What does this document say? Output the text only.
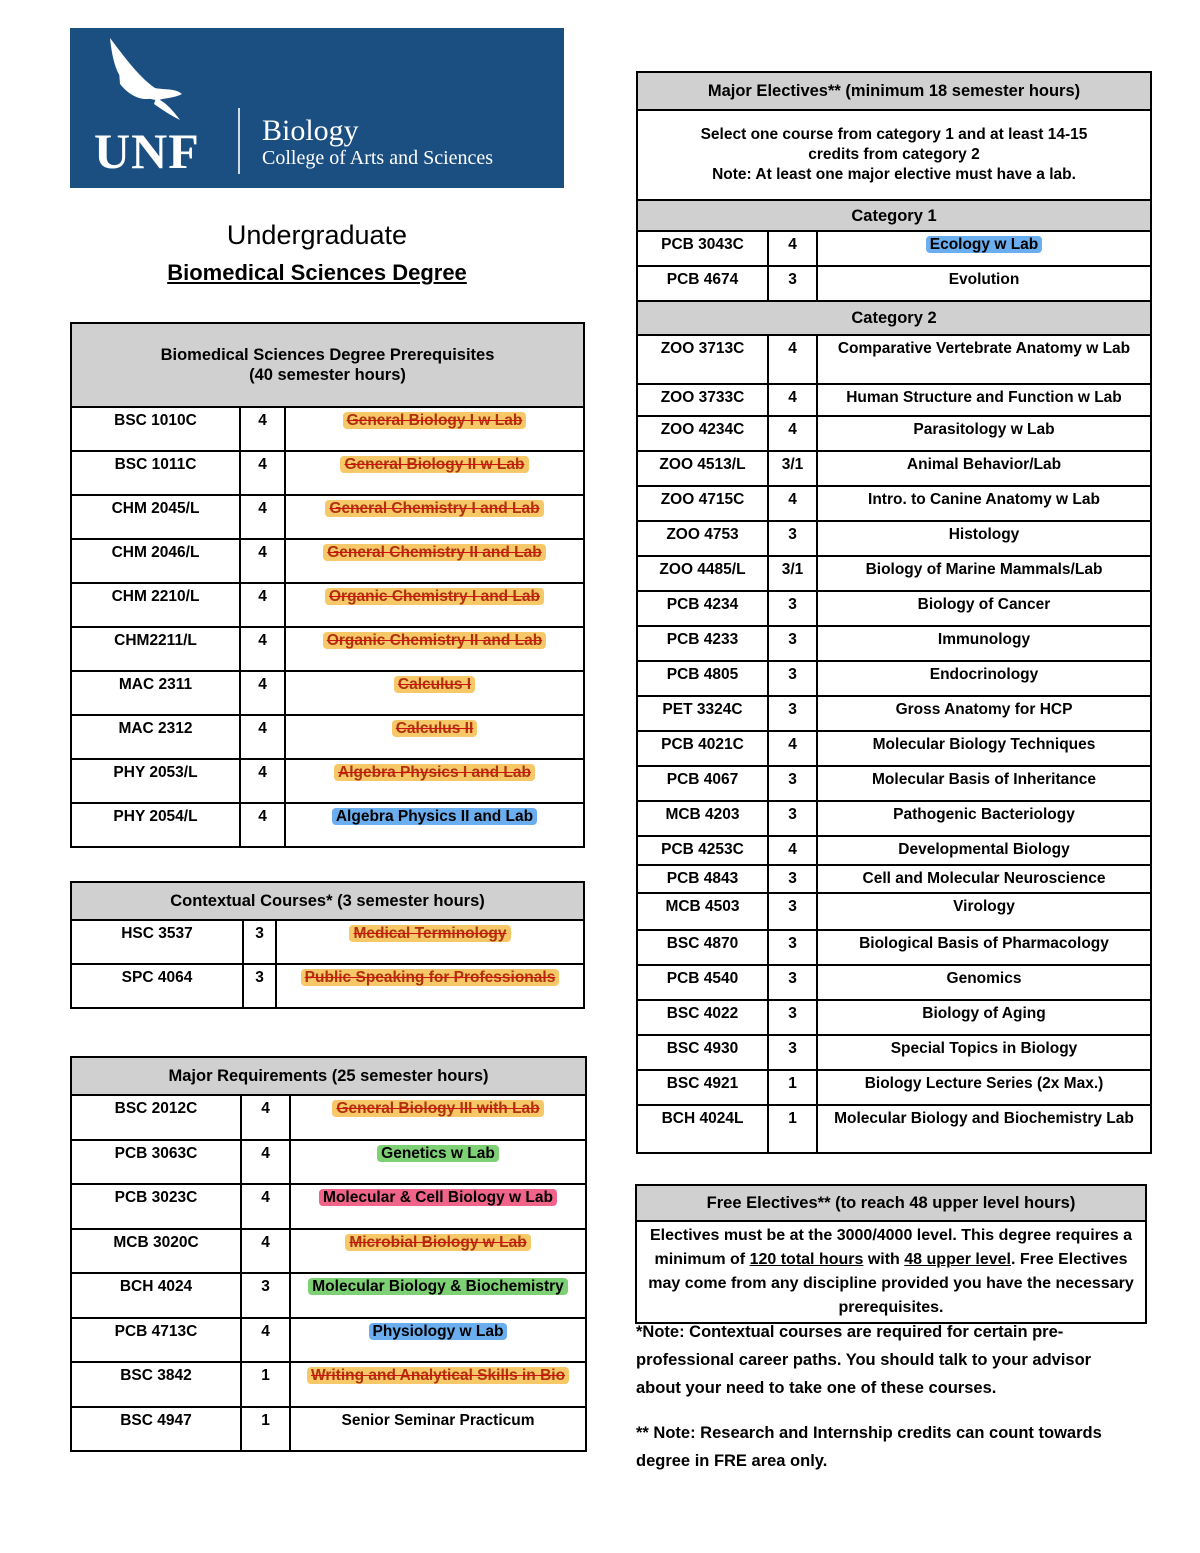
UNF Biology
College of Arts and Sciences
Undergraduate
Biomedical Sciences Degree
Biomedical Sciences Degree Prerequisites
(40 semester hours)		
BSC 1010C	4	General Biology I w Lab

BSC 1011C	4	General Biology II w Lab

CHM 2045/L	4	General Chemistry I and Lab

CHM 2046/L	4	General Chemistry II and Lab

CHM 2210/L	4	Organic Chemistry I and Lab

CHM2211/L	4	Organic Chemistry II and Lab

MAC 2311	4	Calculus I

MAC 2312	4	Calculus II

PHY 2053/L	4	Algebra Physics I and Lab

PHY 2054/L	4	Algebra Physics II and Lab
Contextual Courses* (3 semester hours)		
HSC 3537	3	Medical Terminology

SPC 4064	3	Public Speaking for Professionals
Major Requirements (25 semester hours)		
BSC 2012C	4	General Biology III with Lab

PCB 3063C	4	Genetics w Lab

PCB 3023C	4	Molecular & Cell Biology w Lab

MCB 3020C	4	Microbial Biology w Lab

BCH 4024	3	Molecular Biology & Biochemistry

PCB 4713C	4	Physiology w Lab

BSC 3842	1	Writing and Analytical Skills in Bio

BSC 4947	1	Senior Seminar Practicum
Major Electives** (minimum 18 semester hours)		
Select one course from category 1 and at least 14-15
credits from category 2
Note: At least one major elective must have a lab.		
Category 1		
PCB 3043C	4	Ecology w Lab

PCB 4674	3	Evolution

Category 2		
ZOO 3713C	4	Comparative Vertebrate Anatomy w Lab

ZOO 3733C	4	Human Structure and Function w Lab

ZOO 4234C	4	Parasitology w Lab

ZOO 4513/L	3/1	Animal Behavior/Lab

ZOO 4715C	4	Intro. to Canine Anatomy w Lab

ZOO 4753	3	Histology

ZOO 4485/L	3/1	Biology of Marine Mammals/Lab

PCB 4234	3	Biology of Cancer

PCB 4233	3	Immunology

PCB 4805	3	Endocrinology

PET 3324C	3	Gross Anatomy for HCP

PCB 4021C	4	Molecular Biology Techniques

PCB 4067	3	Molecular Basis of Inheritance

MCB 4203	3	Pathogenic Bacteriology

PCB 4253C	4	Developmental Biology

PCB 4843	3	Cell and Molecular Neuroscience

MCB 4503	3	Virology

BSC 4870	3	Biological Basis of Pharmacology

PCB 4540	3	Genomics

BSC 4022	3	Biology of Aging

BSC 4930	3	Special Topics in Biology

BSC 4921	1	Biology Lecture Series (2x Max.)

BCH 4024L	1	Molecular Biology and Biochemistry Lab
Free Electives** (to reach 48 upper level hours)
Electives must be at the 3000/4000 level. This degree requires a minimum of 120 total hours with 48 upper level. Free Electives may come from any discipline provided you have the necessary prerequisites.
*Note: Contextual courses are required for certain pre-professional career paths. You should talk to your advisor about your need to take one of these courses.
** Note: Research and Internship credits can count towards degree in FRE area only.
